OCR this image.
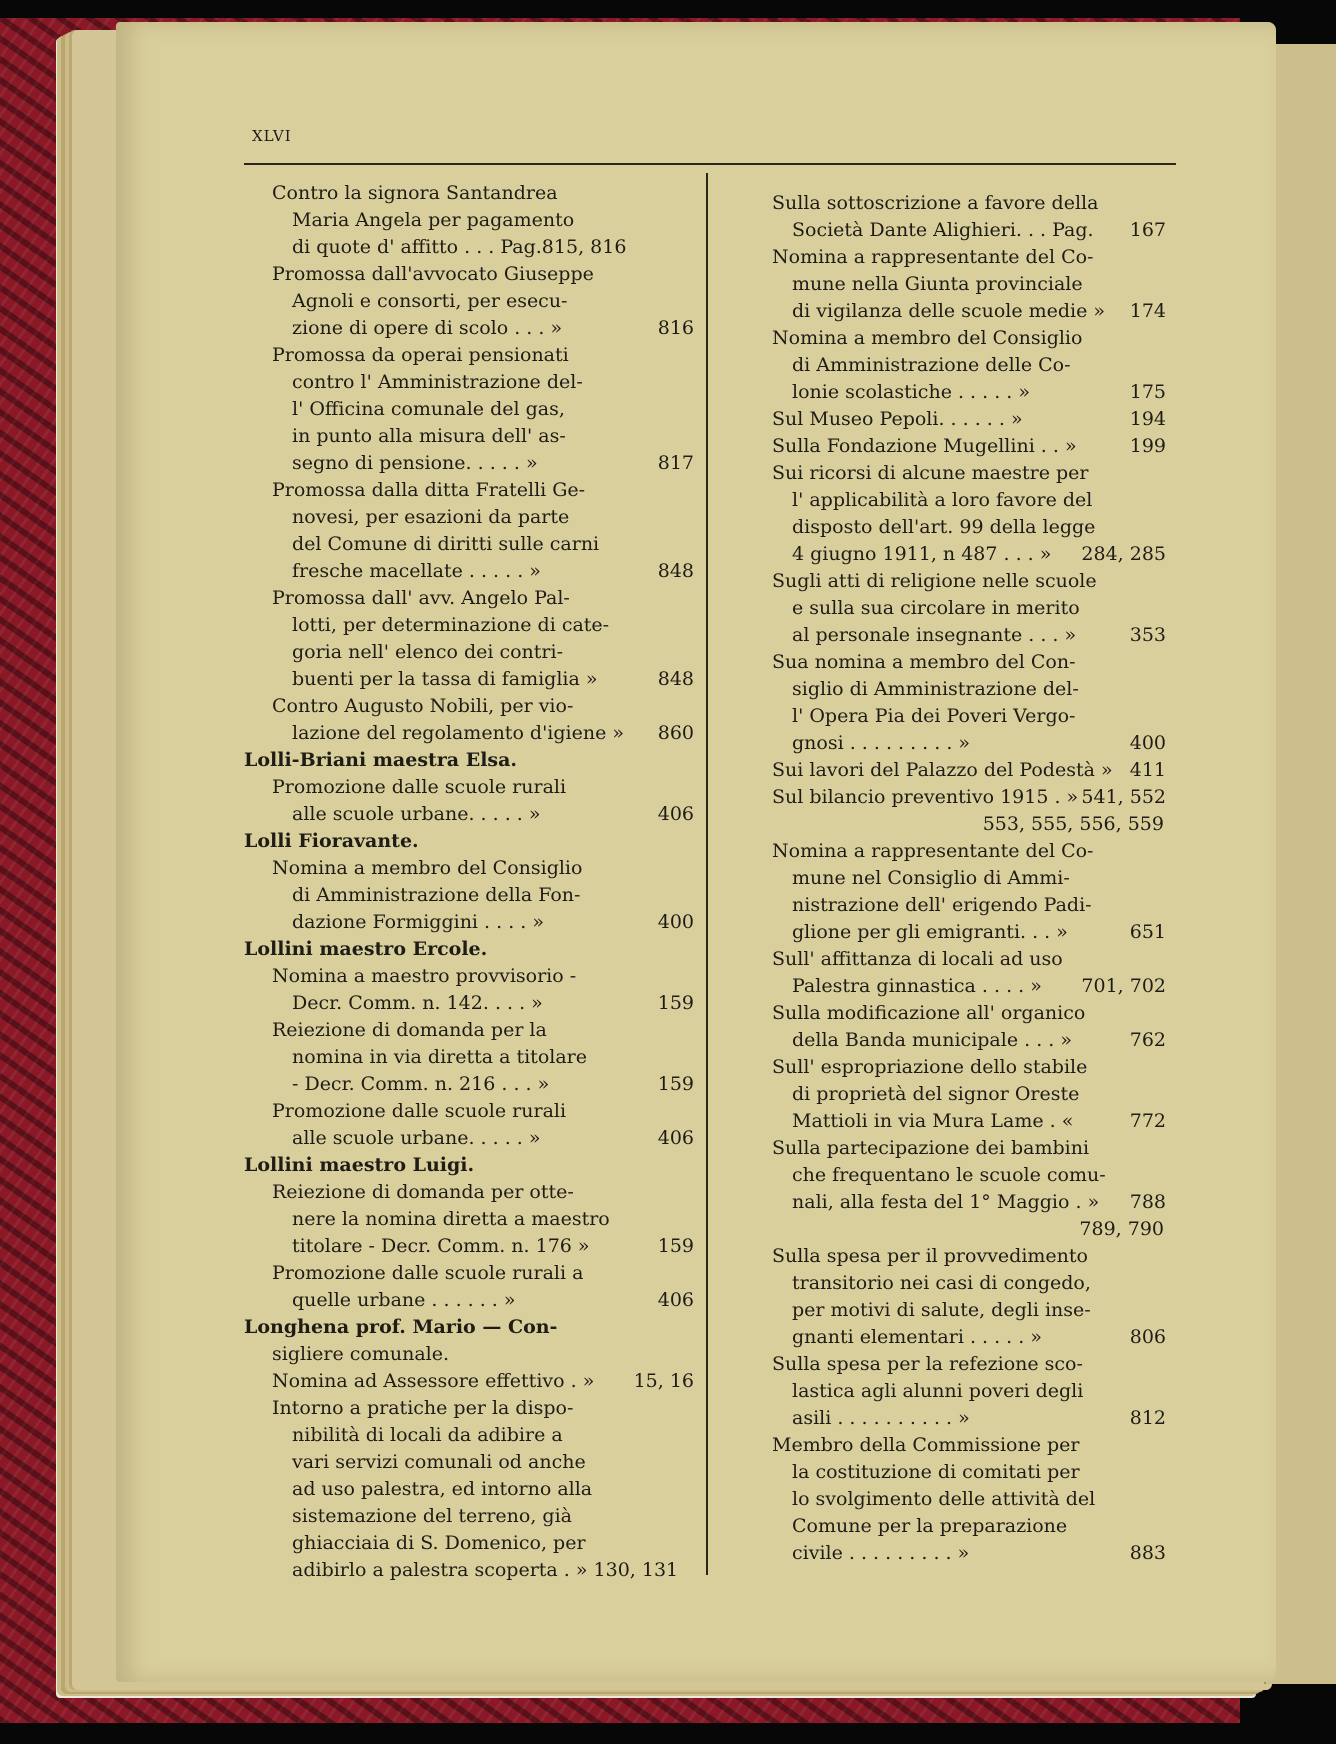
XLVI
Contro la signora Santandrea
Maria Angela per pagamento
di quote d' affitto . . . Pag.815, 816
Promossa dall'avvocato Giuseppe
Agnoli e consorti, per esecu-
zione di opere di scolo . . . »	816
Promossa da operai pensionati
contro l' Amministrazione del-
l' Officina comunale del gas,
in punto alla misura dell' as-
segno di pensione. . . . . »	817
Promossa dalla ditta Fratelli Ge-
novesi, per esazioni da parte
del Comune di diritti sulle carni
fresche macellate . . . . . »	848
Promossa dall' avv. Angelo Pal-
lotti, per determinazione di cate-
goria nell' elenco dei contri-
buenti per la tassa di famiglia »	848
Contro Augusto Nobili, per vio-
lazione del regolamento d'igiene » 860
Lolli-Briani maestra Elsa.
Promozione dalle scuole rurali
alle scuole urbane. . . . . »	406
Lolli Fioravante.
Nomina a membro del Consiglio
di Amministrazione della Fon-
dazione Formiggini . . . . »	400
Lollini maestro Ercole.
Nomina a maestro provvisorio -
Decr. Comm. n. 142. . . . »	159
Reiezione di domanda per la
nomina in via diretta a titolare
- Decr. Comm. n. 216 . . . »	159
Promozione dalle scuole rurali
alle scuole urbane. . . . . »	406
Lollini maestro Luigi.
Reiezione di domanda per otte-
nere la nomina diretta a maestro
titolare - Decr. Comm. n. 176 »	159
Promozione dalle scuole rurali a
quelle urbane . . . . . . »	406
Longhena prof. Mario — Con-
sigliere comunale.
Nomina ad Assessore effettivo . » 15, 16
Intorno a pratiche per la dispo-
nibilità di locali da adibire a
vari servizi comunali od anche
ad uso palestra, ed intorno alla
sistemazione del terreno, già
ghiacciaia di S. Domenico, per
adibirlo a palestra scoperta . » 130, 131
Sulla sottoscrizione a favore della
Società Dante Alighieri. . . Pag. 167
Nomina a rappresentante del Co-
mune nella Giunta provinciale
di vigilanza delle scuole medie » 174
Nomina a membro del Consiglio
di Amministrazione delle Co-
lonie scolastiche . . . . . »	175
Sul Museo Pepoli. . . . . . »	194
Sulla Fondazione Mugellini . . »	199
Sui ricorsi di alcune maestre per
l' applicabilità a loro favore del
disposto dell'art. 99 della legge
4 giugno 1911, n 487 . . . » 284, 285
Sugli atti di religione nelle scuole
e sulla sua circolare in merito
al personale insegnante . . . »	353
Sua nomina a membro del Con-
siglio di Amministrazione del-
l' Opera Pia dei Poveri Vergo-
gnosi . . . . . . . . . »	400
Sui lavori del Palazzo del Podestà » 411
Sul bilancio preventivo 1915 . » 541, 552
553, 555, 556, 559
Nomina a rappresentante del Co-
mune nel Consiglio di Ammi-
nistrazione dell' erigendo Padi-
glione per gli emigranti. . . »	651
Sull' affittanza di locali ad uso
Palestra ginnastica . . . . » 701, 702
Sulla modificazione all' organico
della Banda municipale . . . »	762
Sull' espropriazione dello stabile
di proprietà del signor Oreste
Mattioli in via Mura Lame . «	772
Sulla partecipazione dei bambini
che frequentano le scuole comu-
nali, alla festa del 1° Maggio . » 788
789, 790
Sulla spesa per il provvedimento
transitorio nei casi di congedo,
per motivi di salute, degli inse-
gnanti elementari . . . . . »	806
Sulla spesa per la refezione sco-
lastica agli alunni poveri degli
asili . . . . . . . . . . »	812
Membro della Commissione per
la costituzione di comitati per
lo svolgimento delle attività del
Comune per la preparazione
civile . . . . . . . . . »	883
